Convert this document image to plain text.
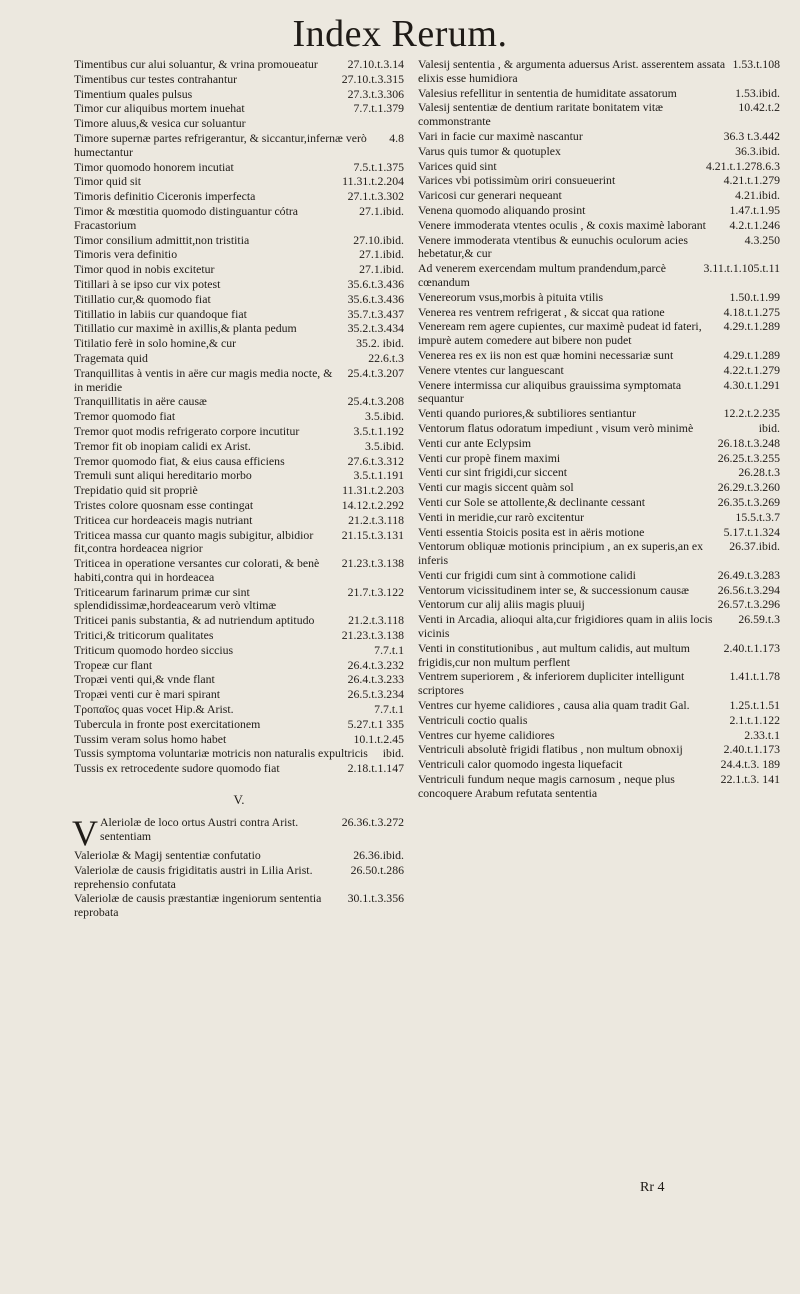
Index Rerum.
27.10.t.3.14
Timentibus cur alui soluantur, & vrina promoueatur
27.10.t.3.315
Timentibus cur testes contrahantur
27.3.t.3.306
Timentium quales pulsus
7.7.t.1.379
Timor cur aliquibus mortem inuehat
Timore aluus,& vesica cur soluantur
4.8
Timore supernæ partes refrigerantur, & siccantur,infernæ verò humectantur
7.5.t.1.375
Timor quomodo honorem incutiat
11.31.t.2.204
Timor quid sit
27.1.t.3.302
Timoris definitio Ciceronis imperfecta
27.1.ibid.
Timor & mœstitia quomodo distinguantur cótra Fracastorium
27.10.ibid.
Timor consilium admittit,non tristitia
27.1.ibid.
Timoris vera definitio
27.1.ibid.
Timor quod in nobis excitetur
35.6.t.3.436
Titillari à se ipso cur vix potest
35.6.t.3.436
Titillatio cur,& quomodo fiat
35.7.t.3.437
Titillatio in labiis cur quandoque fiat
35.2.t.3.434
Titillatio cur maximè in axillis,& planta pedum
35.2. ibid.
Titilatio ferè in solo homine,& cur
22.6.t.3
Tragemata quid
25.4.t.3.207
Tranquillitas à ventis in aëre cur magis media nocte, & in meridie
25.4.t.3.208
Tranquillitatis in aëre causæ
3.5.ibid.
Tremor quomodo fiat
3.5.t.1.192
Tremor quot modis refrigerato corpore incutitur
3.5.ibid.
Tremor fit ob inopiam calidi ex Arist.
27.6.t.3.312
Tremor quomodo fiat, & eius causa efficiens
3.5.t.1.191
Tremuli sunt aliqui hereditario morbo
11.31.t.2.203
Trepidatio quid sit propriè
14.12.t.2.292
Tristes colore quosnam esse contingat
21.2.t.3.118
Triticea cur hordeaceis magis nutriant
21.15.t.3.131
Triticea massa cur quanto magis subigitur, albidior fit,contra hordeacea nigrior
21.23.t.3.138
Triticea in operatione versantes cur colorati, & benè habiti,contra qui in hordeacea
21.7.t.3.122
Triticearum farinarum primæ cur sint splendidissimæ,hordeacearum verò vltimæ
21.2.t.3.118
Triticei panis substantia, & ad nutriendum aptitudo
21.23.t.3.138
Tritici,& triticorum qualitates
7.7.t.1
Triticum quomodo hordeo siccius
26.4.t.3.232
Tropeæ cur flant
26.4.t.3.233
Tropæi venti qui,& vnde flant
26.5.t.3.234
Tropæi venti cur è mari spirant
7.7.t.1
Τροπαῖος quas vocet Hip.& Arist.
5.27.t.1 335
Tubercula in fronte post exercitationem
10.1.t.2.45
Tussim veram solus homo habet
ibid.
Tussis symptoma voluntariæ motricis non naturalis expultricis
2.18.t.1.147
Tussis ex retrocedente sudore quomodo fiat
V.
V	26.36.t.3.272
Aleriolæ de loco ortus Austri contra Arist. sententiam
26.36.ibid.
Valeriolæ & Magij sententiæ confutatio
26.50.t.286
Valeriolæ de causis frigiditatis austri in Lilia Arist. reprehensio confutata
30.1.t.3.356
Valeriolæ de causis præstantiæ ingeniorum sententia reprobata
1.53.t.108
Valesij sententia , & argumenta aduersus Arist. asserentem assata elixis esse humidiora
1.53.ibid.
Valesius refellitur in sententia de humiditate assatorum
10.42.t.2
Valesij sententiæ de dentium raritate bonitatem vitæ commonstrante
36.3 t.3.442
Vari in facie cur maximè nascantur
36.3.ibid.
Varus quis tumor & quotuplex
4.21.t.1.278.6.3
Varices quid sint
4.21.t.1.279
Varices vbi potissimùm oriri consueuerint
4.21.ibid.
Varicosi cur generari nequeant
1.47.t.1.95
Venena quomodo aliquando prosint
4.2.t.1.246
Venere immoderata vtentes oculis , & coxis maximè laborant
4.3.250
Venere immoderata vtentibus & eunuchis oculorum acies hebetatur,& cur
3.11.t.1.105.t.11
Ad venerem exercendam multum prandendum,parcè cœnandum
1.50.t.1.99
Venereorum vsus,morbis à pituita vtilis
4.18.t.1.275
Venerea res ventrem refrigerat , & siccat qua ratione
4.29.t.1.289
Veneream rem agere cupientes, cur maximè pudeat id fateri, impurè autem comedere aut bibere non pudet
4.29.t.1.289
Venerea res ex iis non est quæ homini necessariæ sunt
4.22.t.1.279
Venere vtentes cur languescant
4.30.t.1.291
Venere intermissa cur aliquibus grauissima symptomata sequantur
12.2.t.2.235
Venti quando puriores,& subtiliores sentiantur
ibid.
Ventorum flatus odoratum impediunt , visum verò minimè
26.18.t.3.248
Venti cur ante Eclypsim
26.25.t.3.255
Venti cur propè finem maximi
26.28.t.3
Venti cur sint frigidi,cur siccent
26.29.t.3.260
Venti cur magis siccent quàm sol
26.35.t.3.269
Venti cur Sole se attollente,& declinante cessant
15.5.t.3.7
Venti in meridie,cur rarò excitentur
5.17.t.1.324
Venti essentia Stoicis posita est in aëris motione
26.37.ibid.
Ventorum obliquæ motionis principium , an ex superis,an ex inferis
26.49.t.3.283
Venti cur frigidi cum sint à commotione calidi
26.56.t.3.294
Ventorum vicissitudinem inter se, & successionum causæ
26.57.t.3.296
Ventorum cur alij aliis magis pluuij
26.59.t.3
Venti in Arcadia, alioqui alta,cur frigidiores quam in aliis locis vicinis
2.40.t.1.173
Venti in constitutionibus , aut multum calidis, aut multum frigidis,cur non multum perflent
1.41.t.1.78
Ventrem superiorem , & inferiorem dupliciter intelligunt scriptores
1.25.t.1.51
Ventres cur hyeme calidiores , causa alia quam tradit Gal.
2.1.t.1.122
Ventriculi coctio qualis
2.33.t.1
Ventres cur hyeme calidiores
2.40.t.1.173
Ventriculi absolutè frigidi flatibus , non multum obnoxij
24.4.t.3. 189
Ventriculi calor quomodo ingesta liquefacit
22.1.t.3. 141
Ventriculi fundum neque magis carnosum , neque plus concoquere Arabum refutata sententia
Rr 4
